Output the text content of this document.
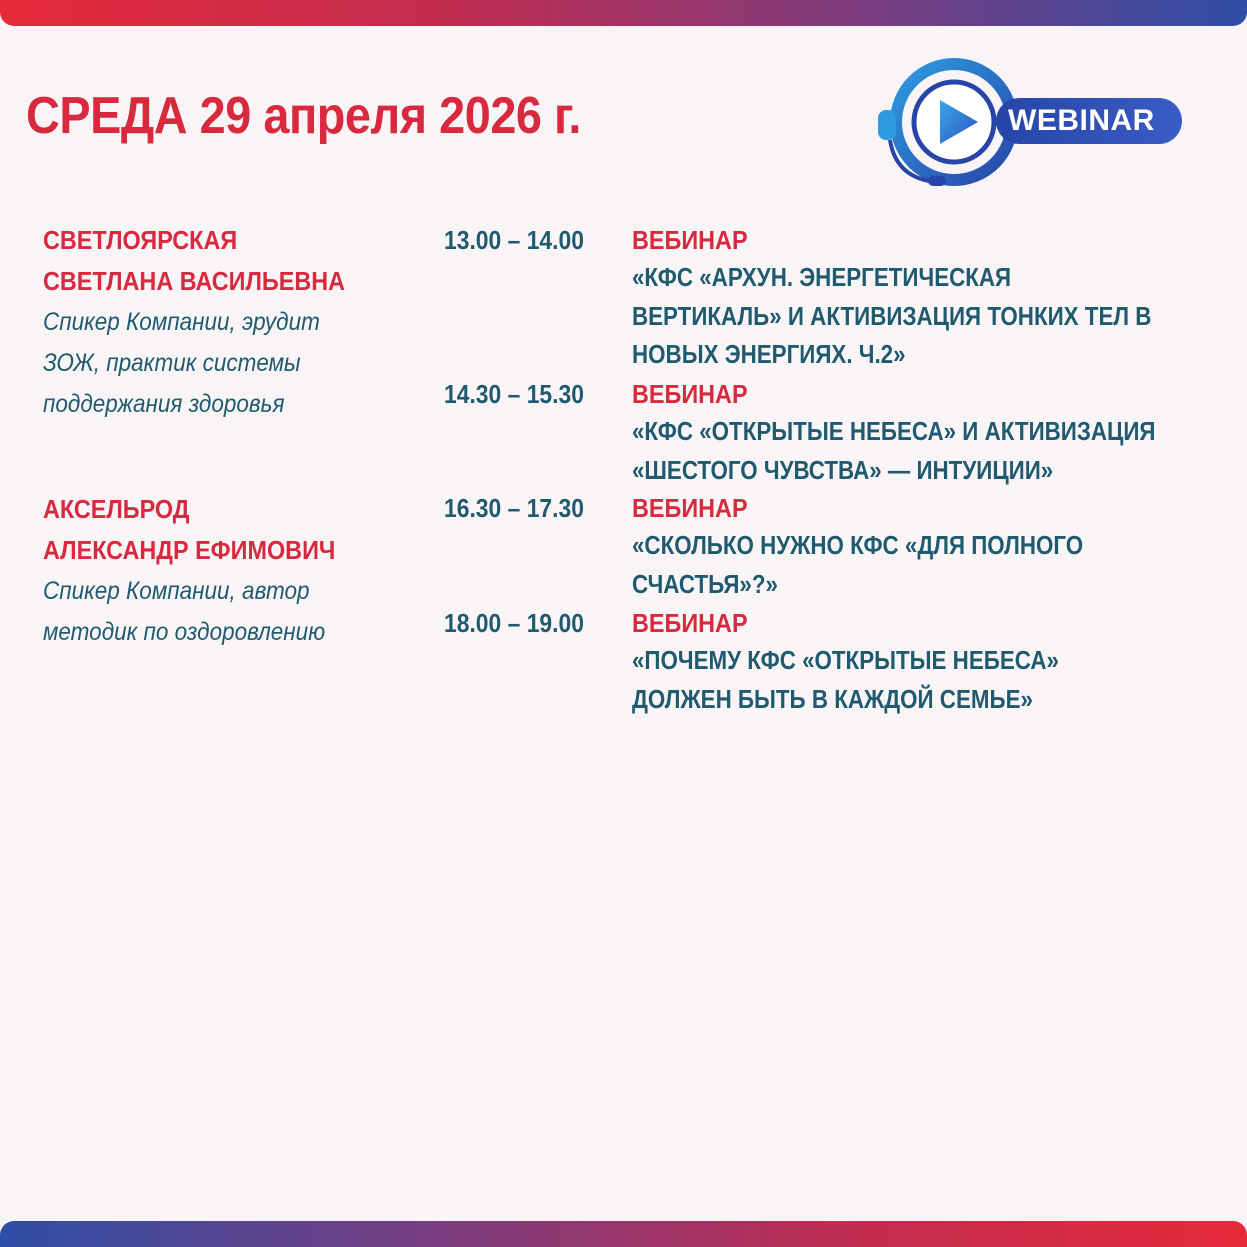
СРЕДА 29 апреля 2026 г.	WEBINAR
СВЕТЛОЯРСКАЯ
СВЕТЛАНА ВАСИЛЬЕВНА
Спикер Компании, эрудит
ЗОЖ, практик системы
поддержания здоровья
АКСЕЛЬРОД
АЛЕКСАНДР ЕФИМОВИЧ
Спикер Компании, автор
методик по оздоровлению
13.00 – 14.00 ВЕБИНАР
«КФС «АРХУН. ЭНЕРГЕТИЧЕСКАЯ
ВЕРТИКАЛЬ» И АКТИВИЗАЦИЯ ТОНКИХ ТЕЛ В
НОВЫХ ЭНЕРГИЯХ. Ч.2»
14.30 – 15.30 ВЕБИНАР
«КФС «ОТКРЫТЫЕ НЕБЕСА» И АКТИВИЗАЦИЯ
«ШЕСТОГО ЧУВСТВА» — ИНТУИЦИИ»
16.30 – 17.30 ВЕБИНАР
«СКОЛЬКО НУЖНО КФС «ДЛЯ ПОЛНОГО
СЧАСТЬЯ»?»
18.00 – 19.00 ВЕБИНАР
«ПОЧЕМУ КФС «ОТКРЫТЫЕ НЕБЕСА»
ДОЛЖЕН БЫТЬ В КАЖДОЙ СЕМЬЕ»
